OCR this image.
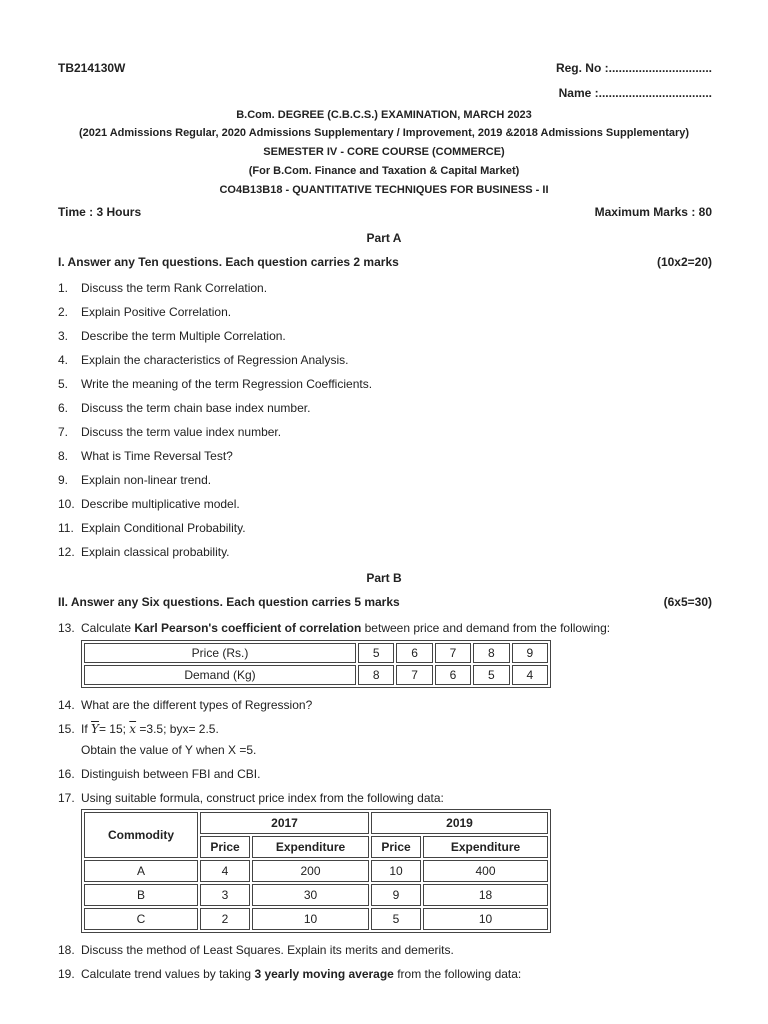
TB214130W	Reg. No :...............................
Name :..................................
B.Com. DEGREE (C.B.C.S.) EXAMINATION, MARCH 2023
(2021 Admissions Regular, 2020 Admissions Supplementary / Improvement, 2019 &2018 Admissions Supplementary)
SEMESTER IV - CORE COURSE (COMMERCE)
(For B.Com. Finance and Taxation & Capital Market)
CO4B13B18 - QUANTITATIVE TECHNIQUES FOR BUSINESS - II
Time : 3 Hours	Maximum Marks : 80
Part A
I. Answer any Ten questions. Each question carries 2 marks	(10x2=20)
1. Discuss the term Rank Correlation.
2. Explain Positive Correlation.
3. Describe the term Multiple Correlation.
4. Explain the characteristics of Regression Analysis.
5. Write the meaning of the term Regression Coefficients.
6. Discuss the term chain base index number.
7. Discuss the term value index number.
8. What is Time Reversal Test?
9. Explain non-linear trend.
10. Describe multiplicative model.
11. Explain Conditional Probability.
12. Explain classical probability.
Part B
II. Answer any Six questions. Each question carries 5 marks	(6x5=30)
13. Calculate Karl Pearson's coefficient of correlation between price and demand from the following:
Price (Rs.)	5	6	7	8	9
Demand (Kg)	8	7	6	5	4
14. What are the different types of Regression?
15. If $\overline{Y}= 15$; $\overline{x} =3.5$; byx= 2.5.
Obtain the value of Y when X =5.
16. Distinguish between FBI and CBI.
17. Using suitable formula, construct price index from the following data:
Commodity	2017		2019	
	Price	Expenditure	Price	Expenditure
A	4	200	10	400
B	3	30	9	18
C	2	10	5	10
18. Discuss the method of Least Squares. Explain its merits and demerits.
19. Calculate trend values by taking 3 yearly moving average from the following data:
